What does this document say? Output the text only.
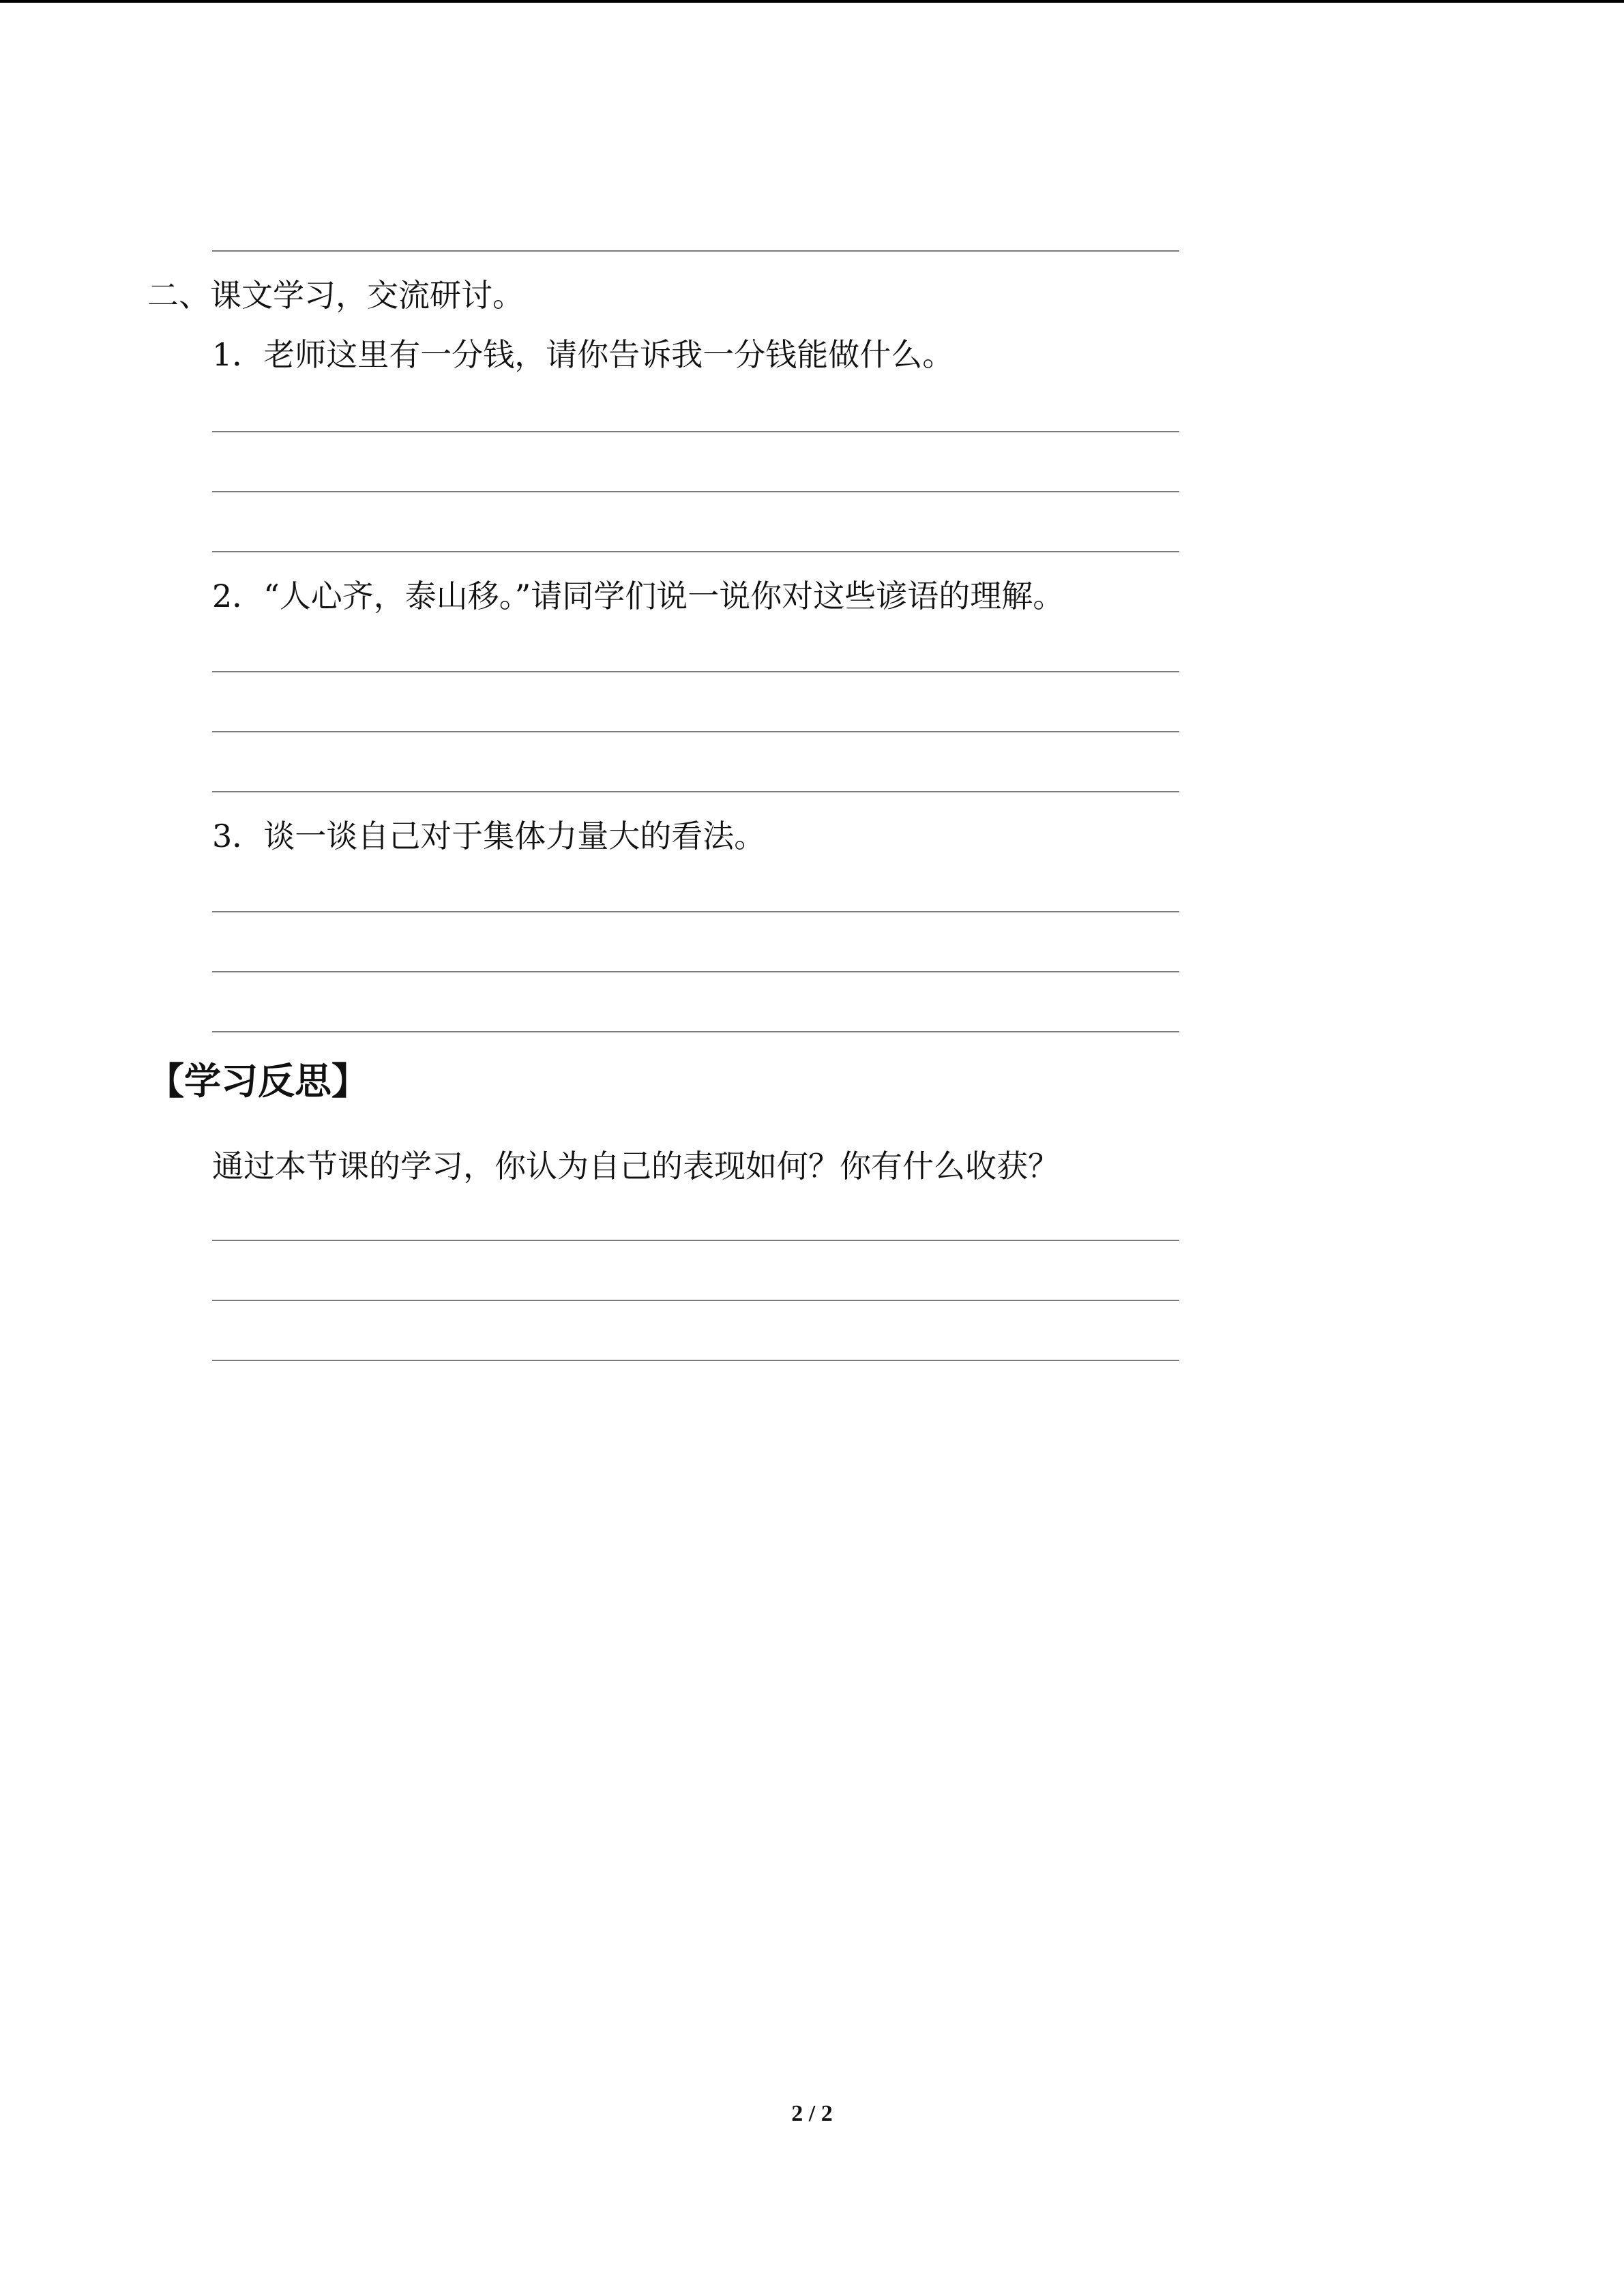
二、课文学习，交流研讨。
1．老师这里有一分钱，请你告诉我一分钱能做什么。
2．“人心齐，泰山移。”请同学们说一说你对这些谚语的理解。
3．谈一谈自己对于集体力量大的看法。
【学习反思】
通过本节课的学习，你认为自己的表现如何？你有什么收获？
2 / 2
